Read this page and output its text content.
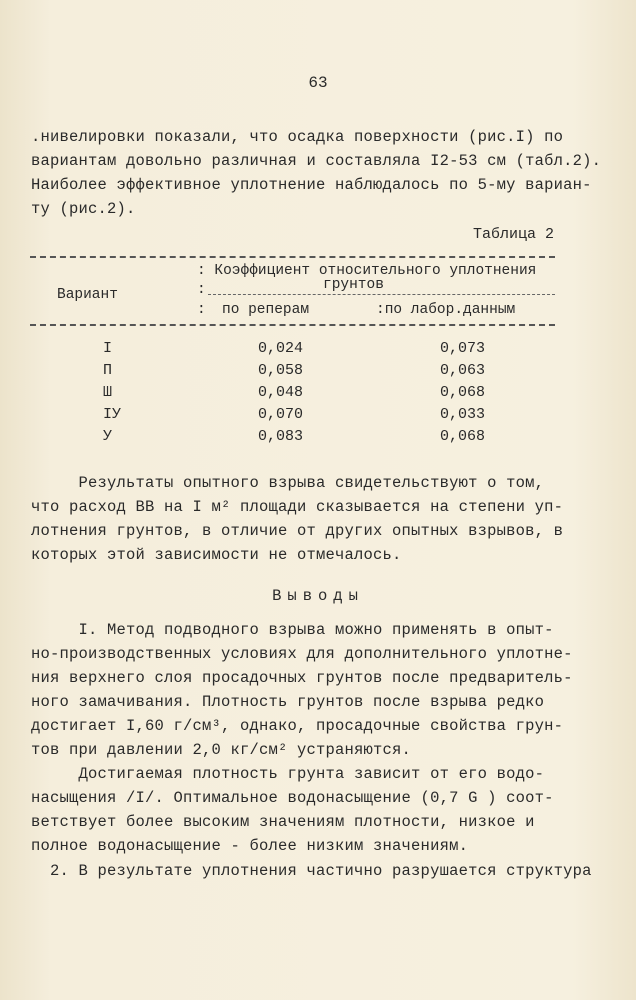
63
.нивелировки показали, что осадка поверхности (рис.I) по
вариантам довольно различная и составляла I2-53 см (табл.2).
Наиболее эффективное уплотнение наблюдалось по 5-му вариан-
ту (рис.2).
Таблица 2
Вариант
: Коэффициент относительного уплотнения
грунтов
:
: по реперам	:по лабор.данным
I	0,024	0,073
П	0,058	0,063
Ш	0,048	0,068
IУ	0,070	0,033
У	0,083	0,068
Результаты опытного взрыва свидетельствуют о том,
что расход ВВ на I м² площади сказывается на степени уп-
лотнения грунтов, в отличие от других опытных взрывов, в
которых этой зависимости не отмечалось.
Выводы
I. Метод подводного взрыва можно применять в опыт-
но-производственных условиях для дополнительного уплотне-
ния верхнего слоя просадочных грунтов после предваритель-
ного замачивания. Плотность грунтов после взрыва редко
достигает I,60 г/см³, однако, просадочные свойства грун-
тов при давлении 2,0 кг/см² устраняются.
Достигаемая плотность грунта зависит от его водо-
насыщения /I/. Оптимальное водонасыщение (0,7 G ) соот-
ветствует более высоким значениям плотности, низкое и
полное водонасыщение - более низким значениям.
2. В результате уплотнения частично разрушается структура
